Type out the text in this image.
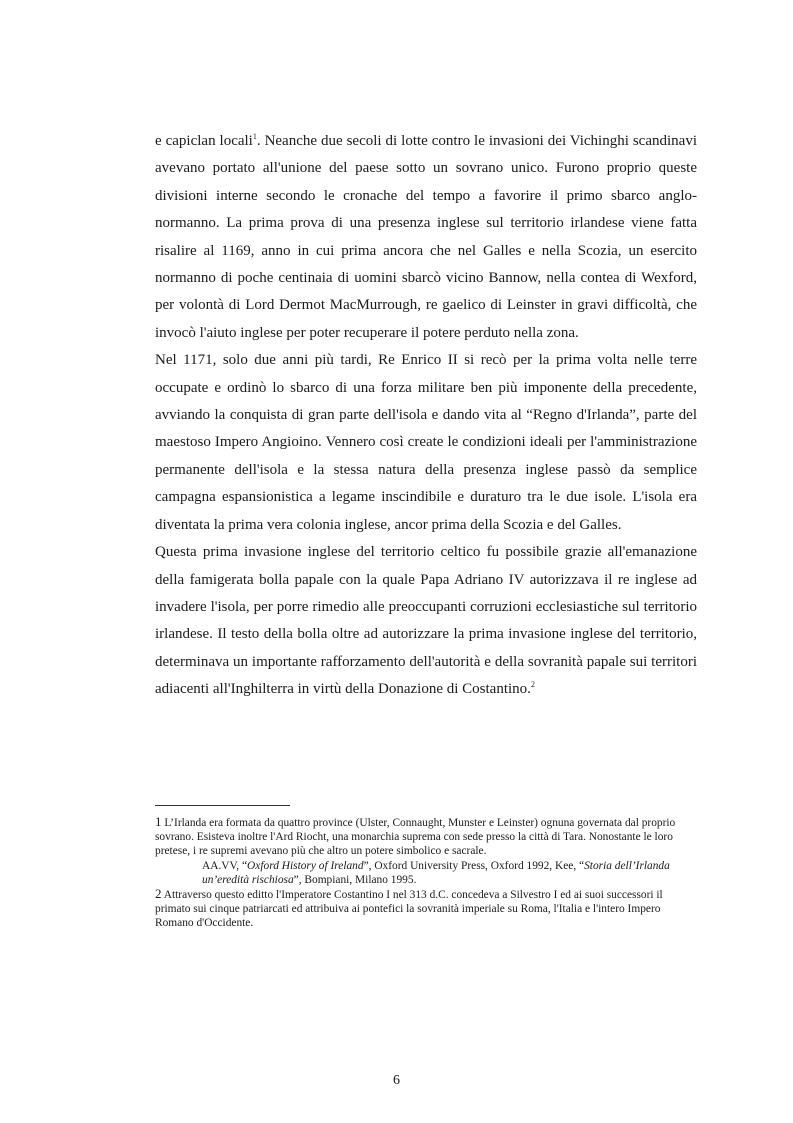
e capiclan locali$^1$. Neanche due secoli di lotte contro le invasioni dei Vichinghi scandinavi avevano portato all'unione del paese sotto un sovrano unico. Furono proprio queste divisioni interne secondo le cronache del tempo a favorire il primo sbarco anglo-normanno. La prima prova di una presenza inglese sul territorio irlandese viene fatta risalire al 1169, anno in cui prima ancora che nel Galles e nella Scozia, un esercito normanno di poche centinaia di uomini sbarcò vicino Bannow, nella contea di Wexford, per volontà di Lord Dermot MacMurrough, re gaelico di Leinster in gravi difficoltà, che invocò l'aiuto inglese per poter recuperare il potere perduto nella zona.

Nel 1171, solo due anni più tardi, Re Enrico II si recò per la prima volta nelle terre occupate e ordinò lo sbarco di una forza militare ben più imponente della precedente, avviando la conquista di gran parte dell'isola e dando vita al “Regno d'Irlanda”, parte del maestoso Impero Angioino. Vennero così create le condizioni ideali per l'amministrazione permanente dell'isola e la stessa natura della presenza inglese passò da semplice campagna espansionistica a legame inscindibile e duraturo tra le due isole. L'isola era diventata la prima vera colonia inglese, ancor prima della Scozia e del Galles.

Questa prima invasione inglese del territorio celtico fu possibile grazie all'emanazione della famigerata bolla papale con la quale Papa Adriano IV autorizzava il re inglese ad invadere l'isola, per porre rimedio alle preoccupanti corruzioni ecclesiastiche sul territorio irlandese. Il testo della bolla oltre ad autorizzare la prima invasione inglese del territorio, determinava un importante rafforzamento dell'autorità e della sovranità papale sui territori adiacenti all'Inghilterra in virtù della Donazione di Costantino.$^2$

1 L’Irlanda era formata da quattro province (Ulster, Connaught, Munster e Leinster) ognuna governata dal proprio sovrano. Esisteva inoltre l'Ard Riocht, una monarchia suprema con sede presso la città di Tara. Nonostante le loro pretese, i re supremi avevano più che altro un potere simbolico e sacrale.

AA.VV, “Oxford History of Ireland”, Oxford University Press, Oxford 1992, Kee, “Storia dell’Irlanda un’eredità rischiosa”, Bompiani, Milano 1995.

2 Attraverso questo editto l'Imperatore Costantino I nel 313 d.C. concedeva a Silvestro I ed ai suoi successori il primato sui cinque patriarcati ed attribuiva ai pontefici la sovranità imperiale su Roma, l'Italia e l'intero Impero Romano d'Occidente.

6
